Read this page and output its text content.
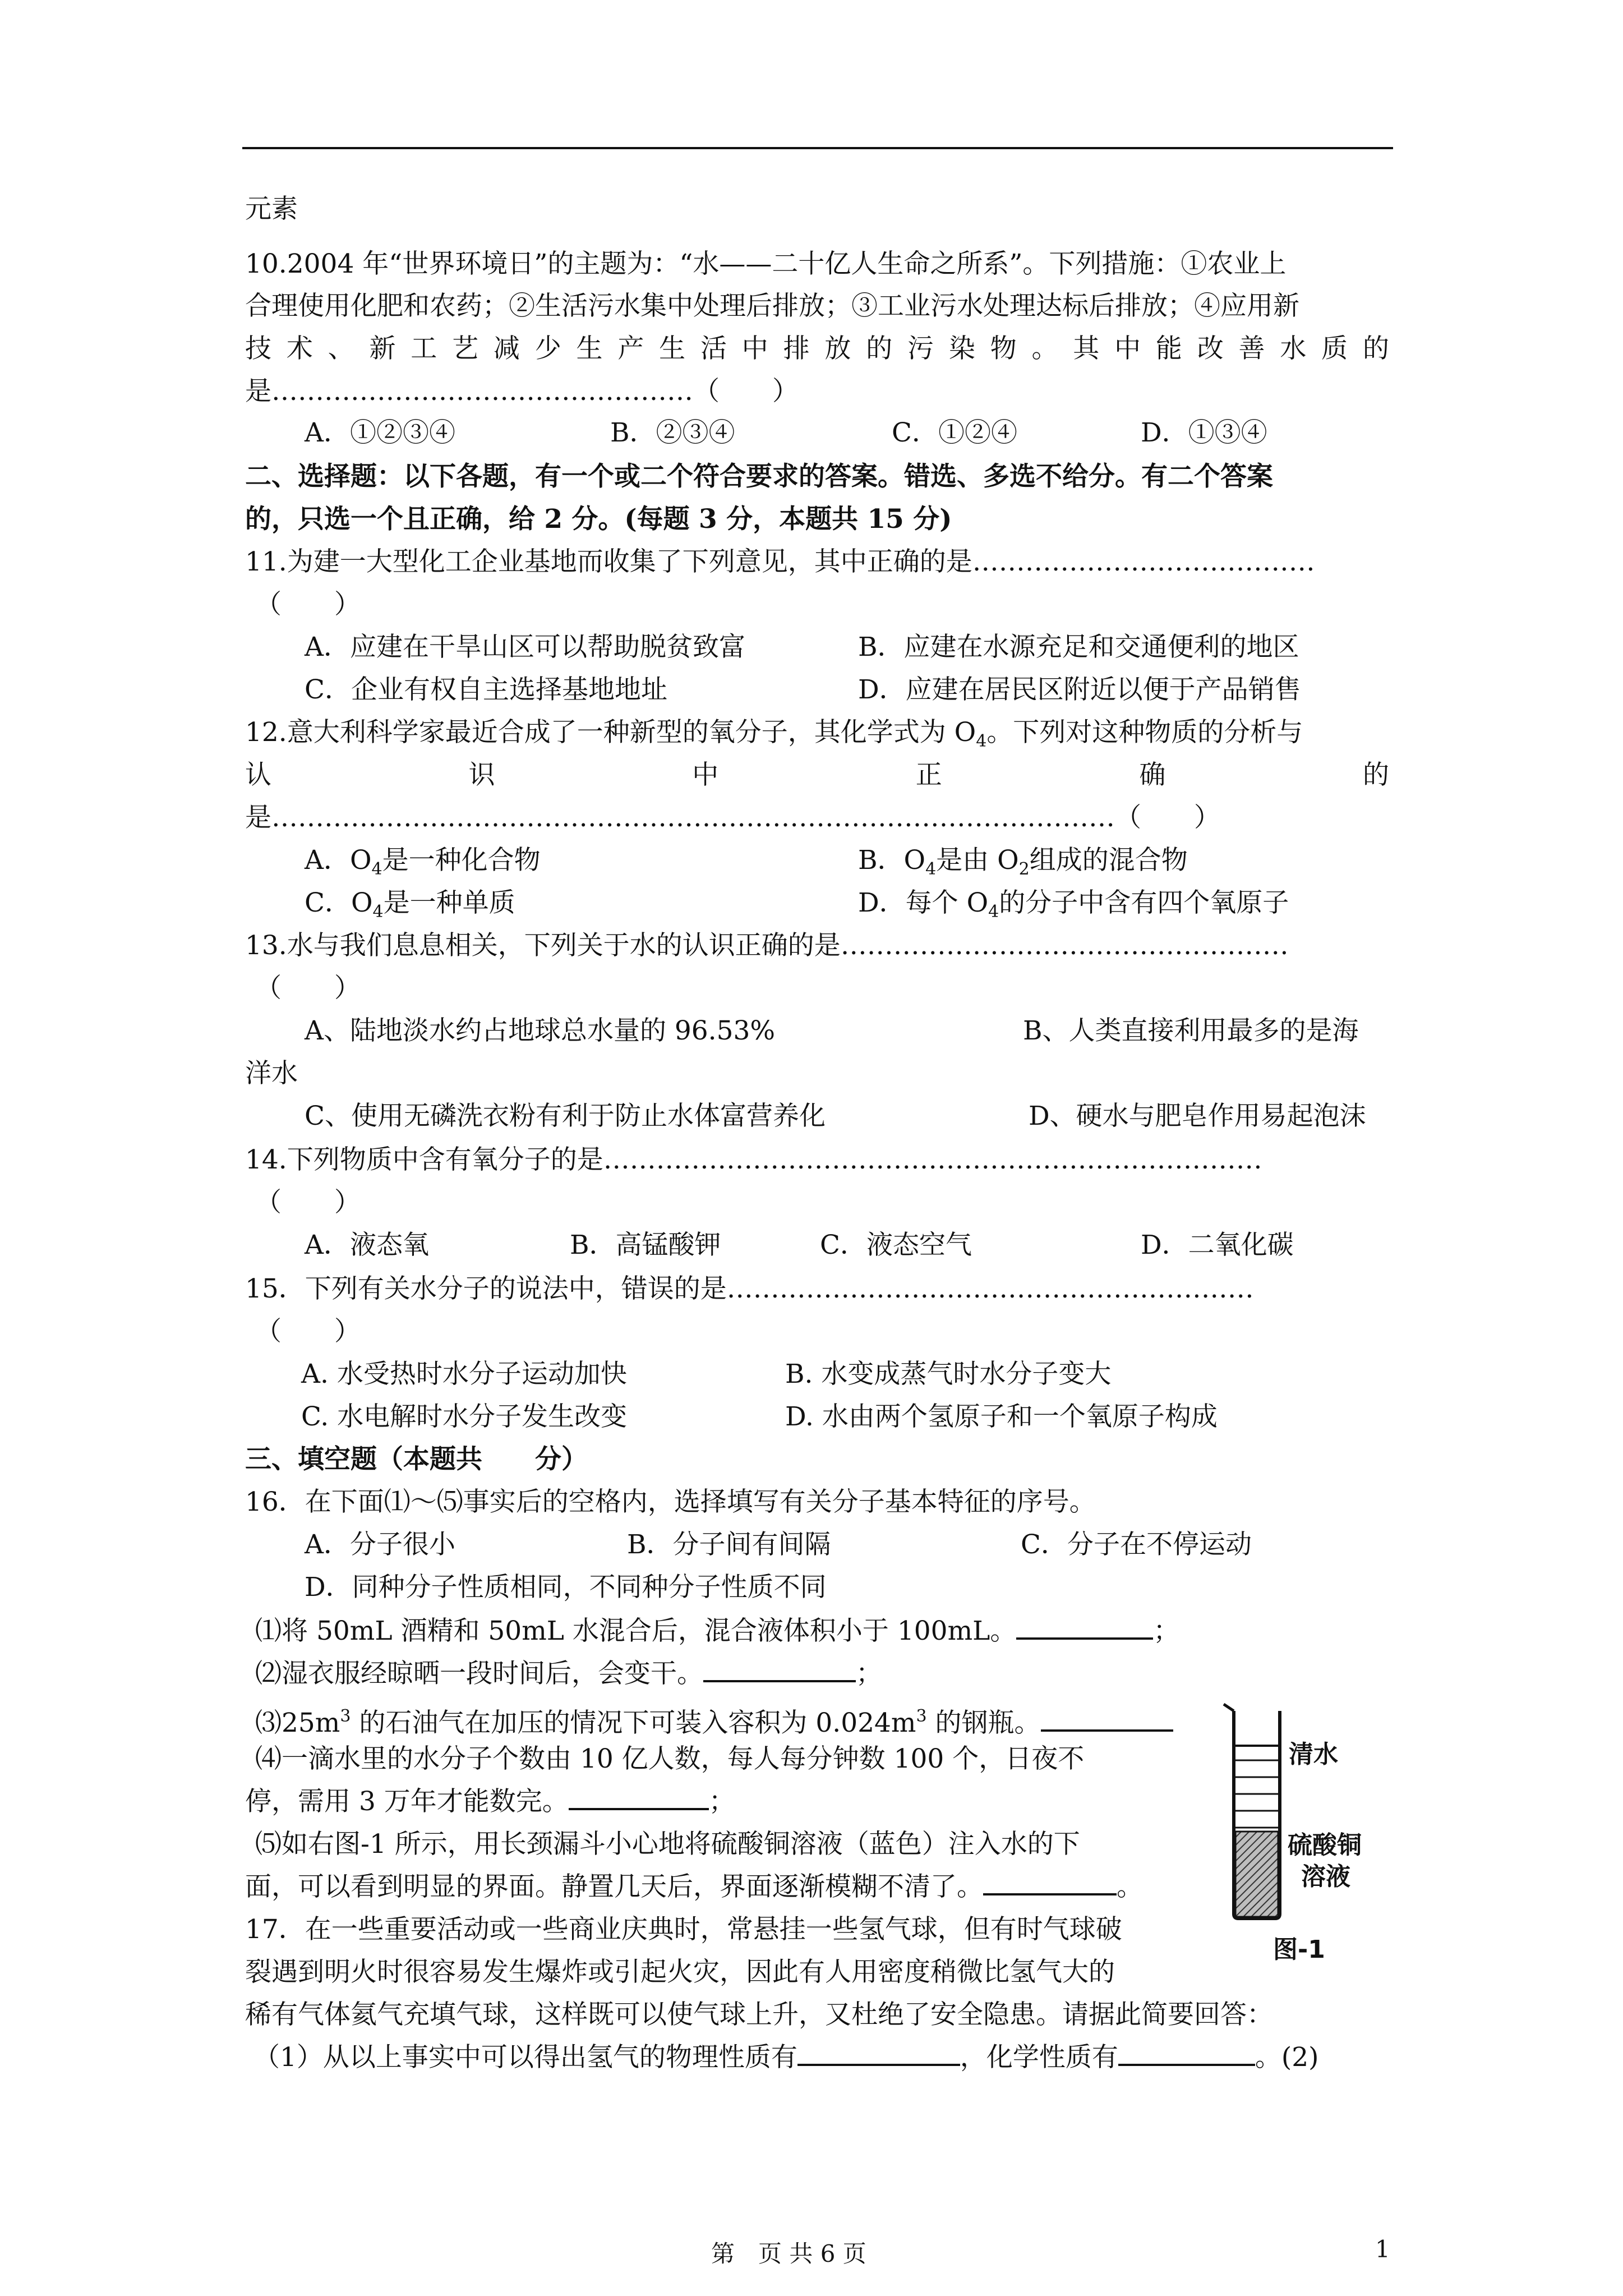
元素
10.2004 年“世界环境日”的主题为：“水——二十亿人生命之所系”。下列措施：①农业上
合理使用化肥和农药；②生活污水集中处理后排放；③工业污水处理达标后排放；④应用新
技 术 、 新 工 艺 减 少 生 产 生 活 中 排 放 的 污 染 物 。 其 中 能 改 善 水 质 的
是…………………………………………（　　）
A．①②③④	B．②③④	C．①②④	D．①③④
二、选择题：以下各题，有一个或二个符合要求的答案。错选、多选不给分。有二个答案
的，只选一个且正确，给 2 分。(每题 3 分，本题共 15 分)
11.为建一大型化工企业基地而收集了下列意见，其中正确的是…………………………………
（　　）
A．应建在干旱山区可以帮助脱贫致富	B．应建在水源充足和交通便利的地区
C．企业有权自主选择基地地址	D．应建在居民区附近以便于产品销售
12.意大利科学家最近合成了一种新型的氧分子，其化学式为 $O_4$。下列对这种物质的分析与
认	识	中	正	确	的
是……………………………………………………………………………………（　　）
A．$O_4$是一种化合物	B．$O_4$是由 $O_2$组成的混合物
C．$O_4$是一种单质	D．每个 $O_4$的分子中含有四个氧原子
13.水与我们息息相关，下列关于水的认识正确的是……………………………………………
（　　）
A、陆地淡水约占地球总水量的 96.53%	B、人类直接利用最多的是海
洋水
C、使用无磷洗衣粉有利于防止水体富营养化	D、硬水与肥皂作用易起泡沫
14.下列物质中含有氧分子的是…………………………………………………………………
（　　）
A．液态氧	B．高锰酸钾	C．液态空气	D．二氧化碳
15．下列有关水分子的说法中，错误的是……………………………………………………
（　　）
A. 水受热时水分子运动加快	B. 水变成蒸气时水分子变大
C. 水电解时水分子发生改变	D. 水由两个氢原子和一个氧原子构成
三、填空题（本题共　　分）
16．在下面⑴～⑸事实后的空格内，选择填写有关分子基本特征的序号。
A．分子很小	B．分子间有间隔	C．分子在不停运动
D．同种分子性质相同，不同种分子性质不同
⑴将 50mL 酒精和 50mL 水混合后，混合液体积小于 100mL。	；
⑵湿衣服经晾晒一段时间后，会变干。	；
$⑶25m^3$ 的石油气在加压的情况下可装入容积为 $0.024m^3$ 的钢瓶。
⑷一滴水里的水分子个数由 10 亿人数，每人每分钟数 100 个，日夜不
停，需用 3 万年才能数完。	；
⑸如右图-1 所示，用长颈漏斗小心地将硫酸铜溶液（蓝色）注入水的下
面，可以看到明显的界面。静置几天后，界面逐渐模糊不清了。	。
17．在一些重要活动或一些商业庆典时，常悬挂一些氢气球，但有时气球破
裂遇到明火时很容易发生爆炸或引起火灾，因此有人用密度稍微比氢气大的
稀有气体氦气充填气球，这样既可以使气球上升，又杜绝了安全隐患。请据此简要回答：
（1）从以上事实中可以得出氢气的物理性质有	，化学性质有	。(2)
清水
硫酸铜
溶液
图-1
第　页 共 6 页	1
